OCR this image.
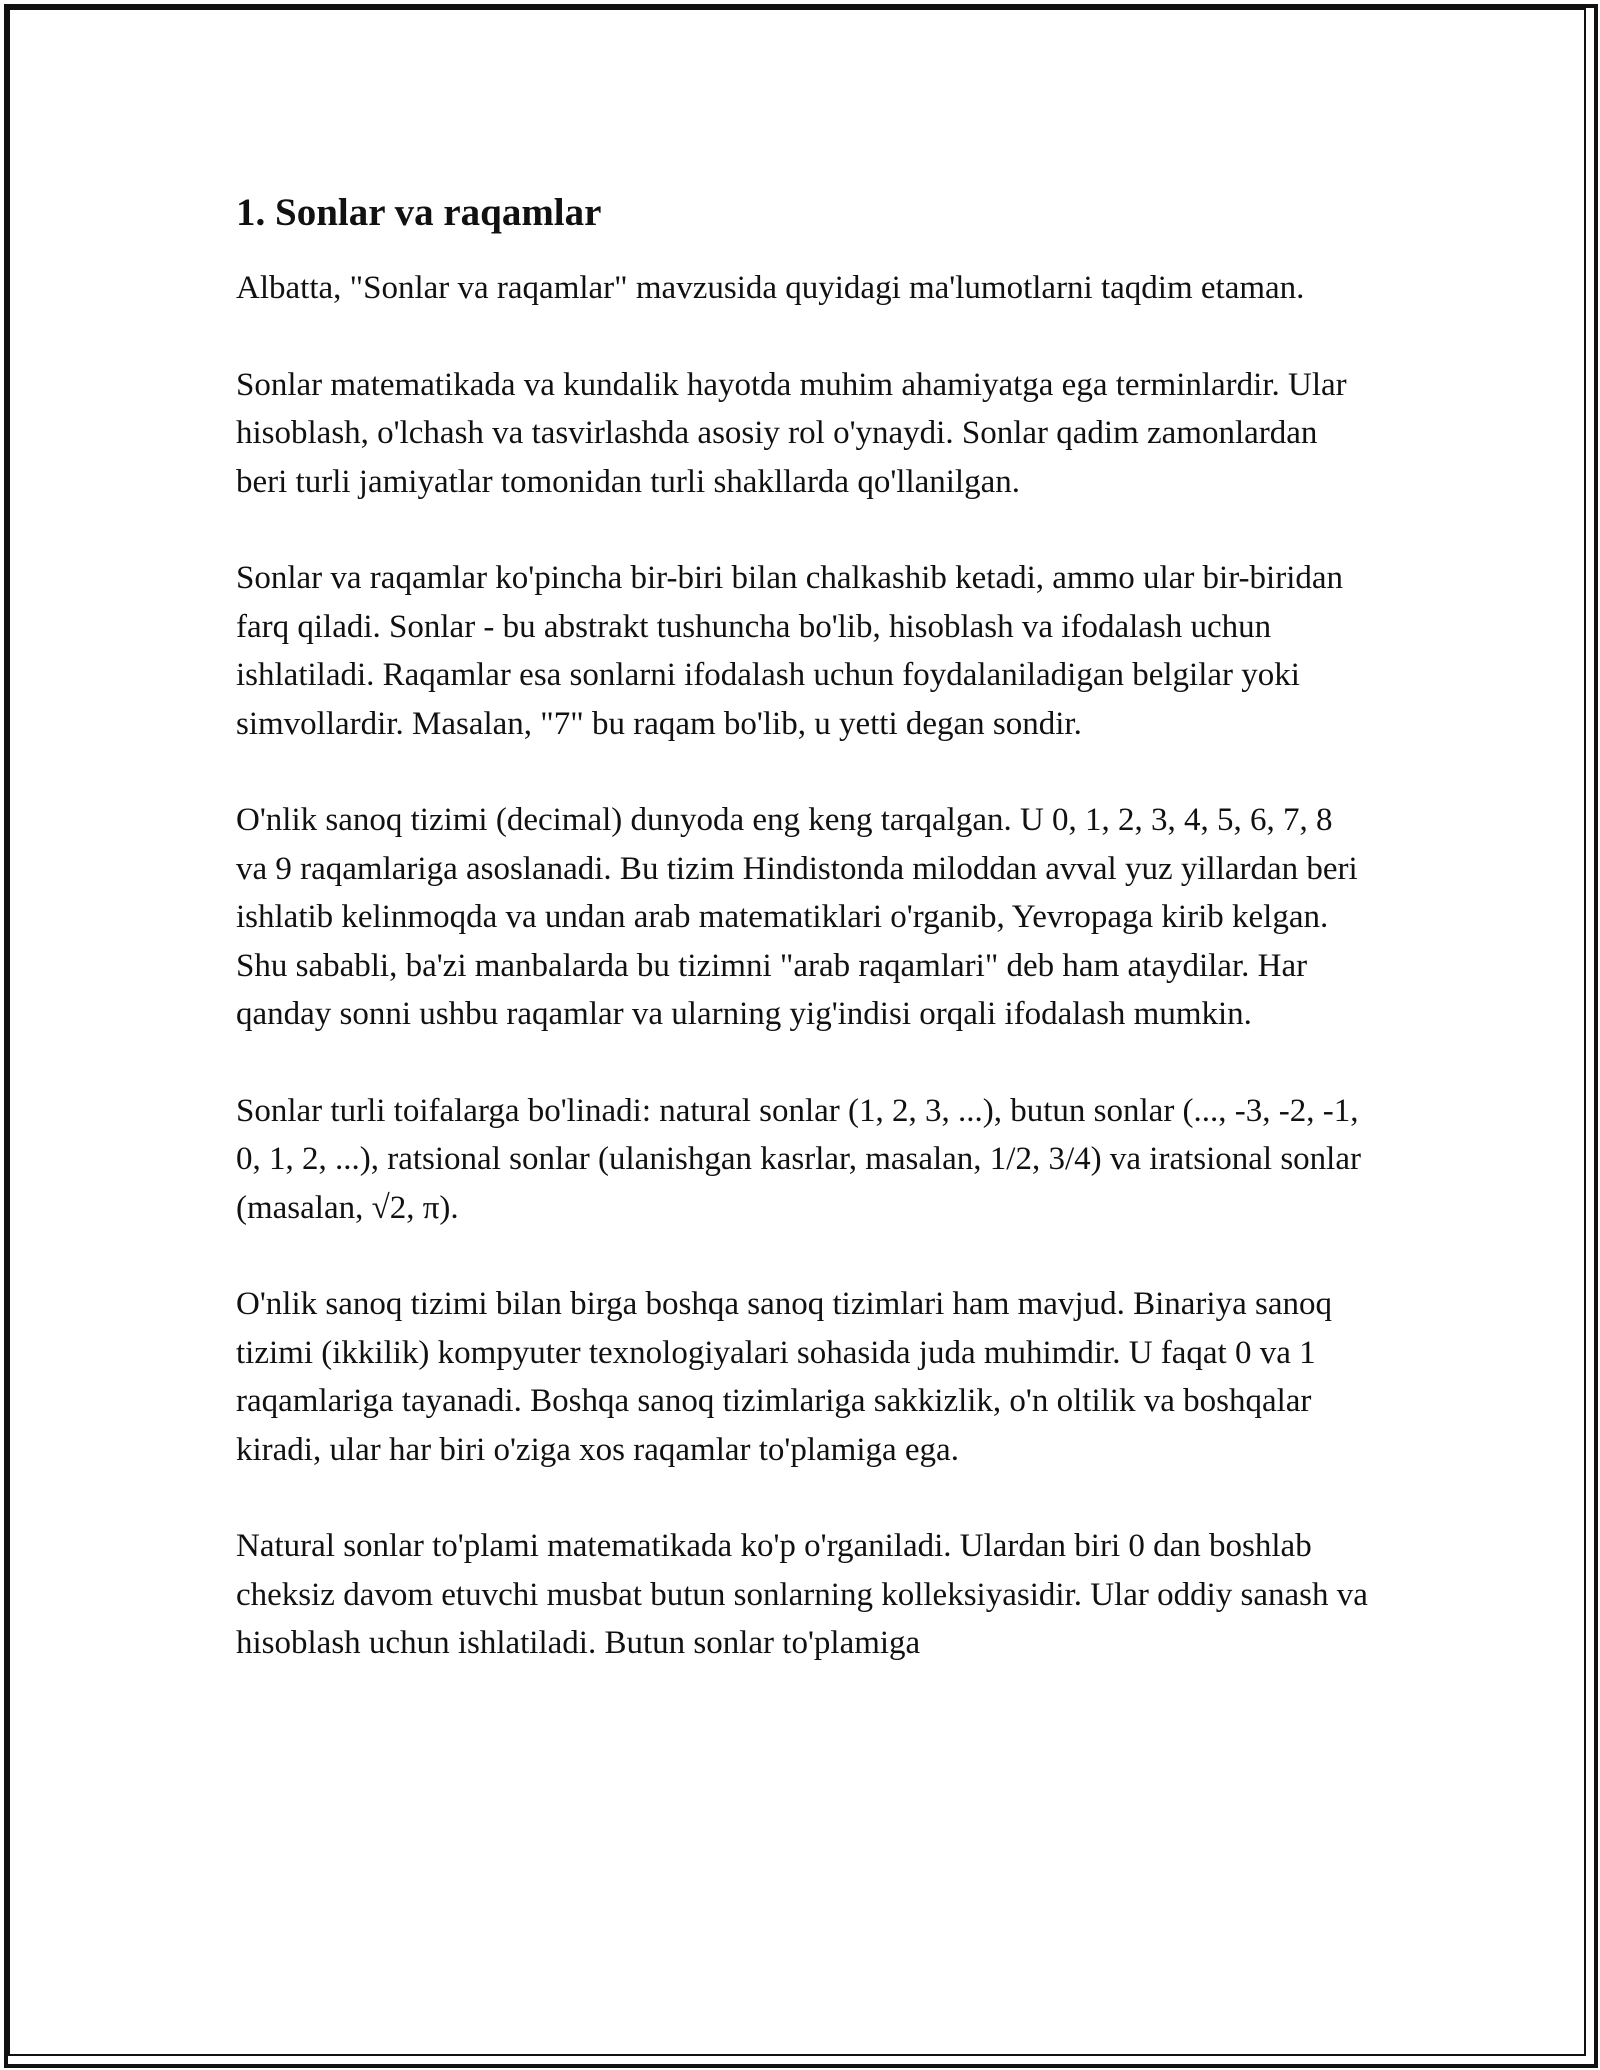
1. Sonlar va raqamlar

Albatta, "Sonlar va raqamlar" mavzusida quyidagi ma'lumotlarni taqdim etaman.

Sonlar matematikada va kundalik hayotda muhim ahamiyatga ega terminlardir. Ular hisoblash, o'lchash va tasvirlashda asosiy rol o'ynaydi. Sonlar qadim zamonlardan beri turli jamiyatlar tomonidan turli shakllarda qo'llanilgan.

Sonlar va raqamlar ko'pincha bir-biri bilan chalkashib ketadi, ammo ular bir-biridan farq qiladi. Sonlar - bu abstrakt tushuncha bo'lib, hisoblash va ifodalash uchun ishlatiladi. Raqamlar esa sonlarni ifodalash uchun foydalaniladigan belgilar yoki simvollardir. Masalan, "7" bu raqam bo'lib, u yetti degan sondir.

O'nlik sanoq tizimi (decimal) dunyoda eng keng tarqalgan. U 0, 1, 2, 3, 4, 5, 6, 7, 8 va 9 raqamlariga asoslanadi. Bu tizim Hindistonda miloddan avval yuz yillardan beri ishlatib kelinmoqda va undan arab matematiklari o'rganib, Yevropaga kirib kelgan. Shu sababli, ba'zi manbalarda bu tizimni "arab raqamlari" deb ham ataydilar. Har qanday sonni ushbu raqamlar va ularning yig'indisi orqali ifodalash mumkin.

Sonlar turli toifalarga bo'linadi: natural sonlar (1, 2, 3, ...), butun sonlar (..., -3, -2, -1, 0, 1, 2, ...), ratsional sonlar (ulanishgan kasrlar, masalan, 1/2, 3/4) va iratsional sonlar (masalan, √2, π).

O'nlik sanoq tizimi bilan birga boshqa sanoq tizimlari ham mavjud. Binariya sanoq tizimi (ikkilik) kompyuter texnologiyalari sohasida juda muhimdir. U faqat 0 va 1 raqamlariga tayanadi. Boshqa sanoq tizimlariga sakkizlik, o'n oltilik va boshqalar kiradi, ular har biri o'ziga xos raqamlar to'plamiga ega.

Natural sonlar to'plami matematikada ko'p o'rganiladi. Ulardan biri 0 dan boshlab cheksiz davom etuvchi musbat butun sonlarning kolleksiyasidir. Ular oddiy sanash va hisoblash uchun ishlatiladi. Butun sonlar to'plamiga
